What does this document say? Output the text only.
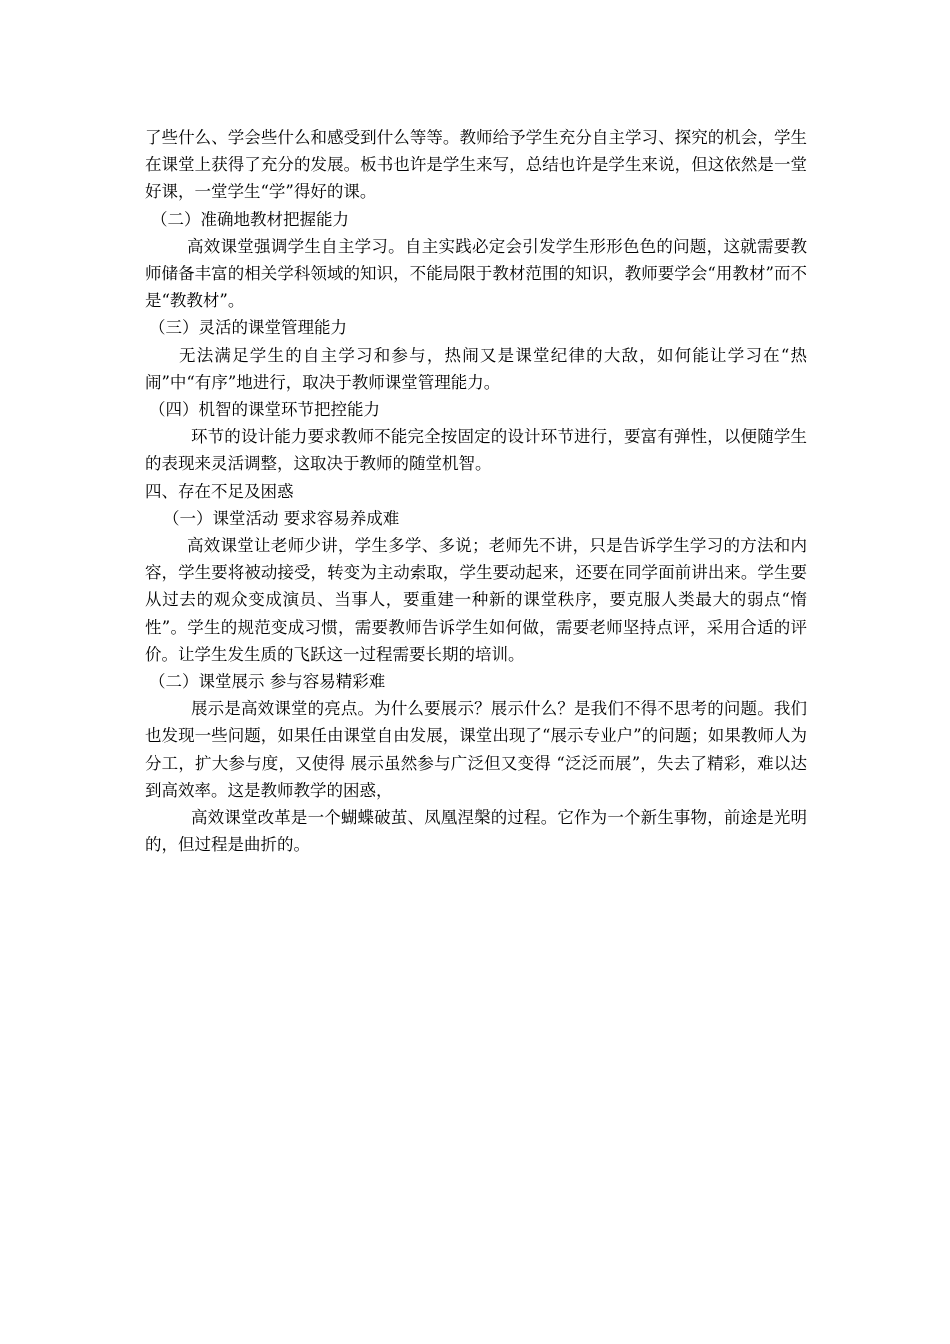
了些什么、学会些什么和感受到什么等等。教师给予学生充分自主学习、探究的机会，学生在课堂上获得了充分的发展。板书也许是学生来写，总结也许是学生来说，但这依然是一堂好课，一堂学生“学”得好的课。

（二）准确地教材把握能力

高效课堂强调学生自主学习。自主实践必定会引发学生形形色色的问题，这就需要教师储备丰富的相关学科领域的知识，不能局限于教材范围的知识，教师要学会“用教材”而不是“教教材”。

（三）灵活的课堂管理能力

无法满足学生的自主学习和参与，热闹又是课堂纪律的大敌，如何能让学习在“热闹”中“有序”地进行，取决于教师课堂管理能力。

（四）机智的课堂环节把控能力

环节的设计能力要求教师不能完全按固定的设计环节进行，要富有弹性，以便随学生的表现来灵活调整，这取决于教师的随堂机智。

四、存在不足及困惑

（一）课堂活动 要求容易养成难

高效课堂让老师少讲，学生多学、多说；老师先不讲，只是告诉学生学习的方法和内容，学生要将被动接受，转变为主动索取，学生要动起来，还要在同学面前讲出来。学生要从过去的观众变成演员、当事人，要重建一种新的课堂秩序，要克服人类最大的弱点“惰性”。学生的规范变成习惯，需要教师告诉学生如何做，需要老师坚持点评，采用合适的评价。让学生发生质的飞跃这一过程需要长期的培训。

（二）课堂展示 参与容易精彩难

展示是高效课堂的亮点。为什么要展示？展示什么？是我们不得不思考的问题。我们也发现一些问题，如果任由课堂自由发展，课堂出现了“展示专业户”的问题；如果教师人为分工，扩大参与度，又使得 展示虽然参与广泛但又变得 “泛泛而展”，失去了精彩，难以达到高效率。这是教师教学的困惑，

高效课堂改革是一个蝴蝶破茧、凤凰涅槃的过程。它作为一个新生事物，前途是光明的，但过程是曲折的。
